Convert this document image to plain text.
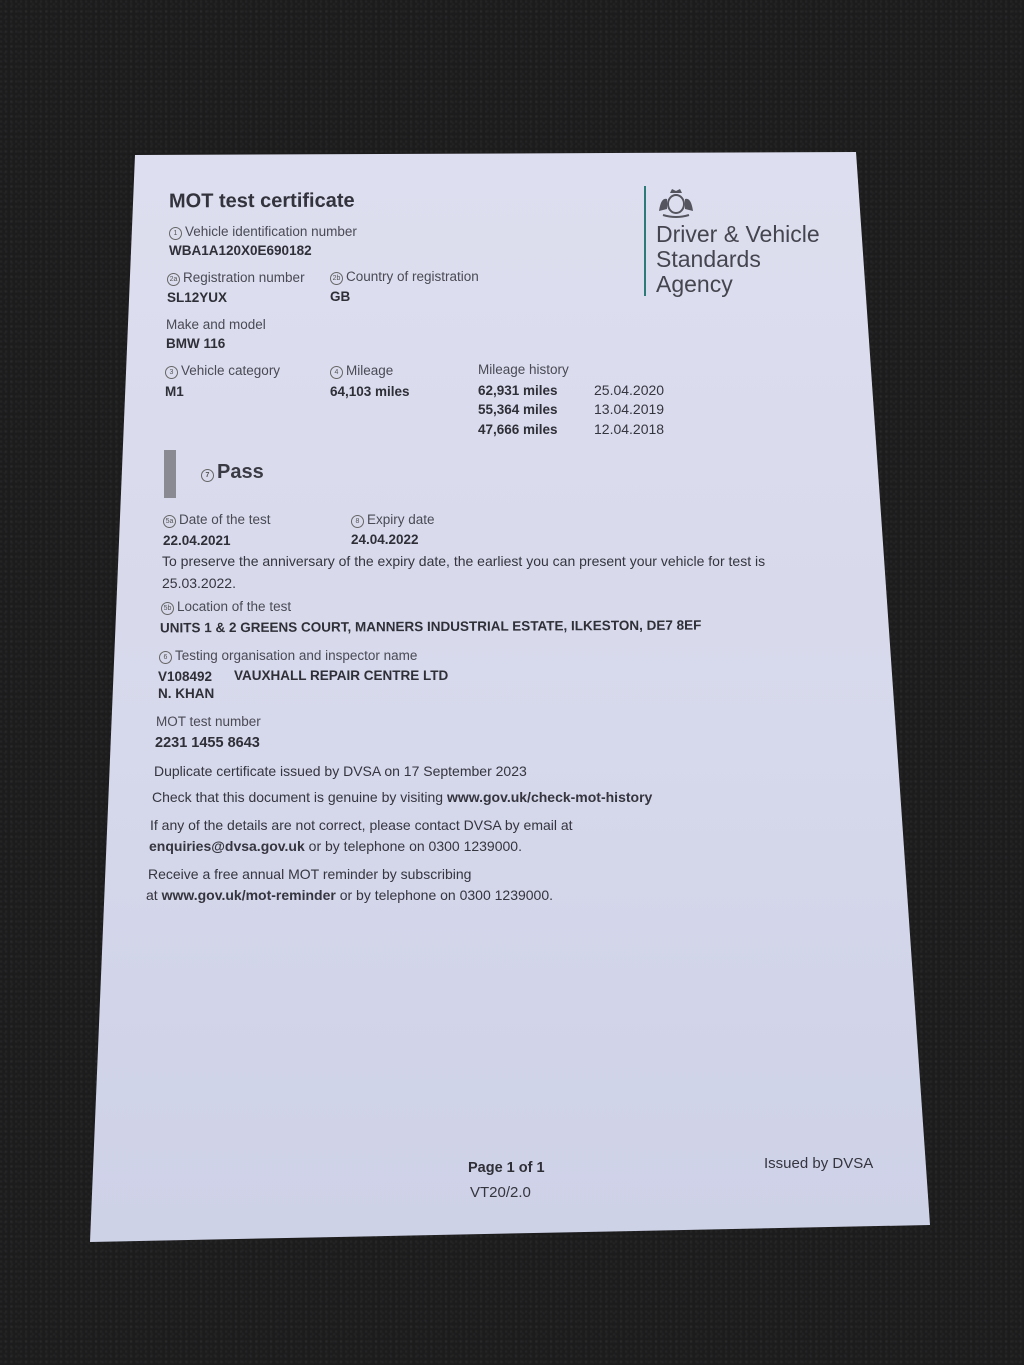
MOT test certificate
Driver & Vehicle
Standards
Agency
1 Vehicle identification number
WBA1A120X0E690182
2a Registration number
SL12YUX
2b Country of registration
GB
Make and model
BMW 116
3 Vehicle category
M1
4 Mileage
64,103 miles
Mileage history
62,931 miles	25.04.2020
55,364 miles	13.04.2019
47,666 miles	12.04.2018
7 Pass
5a Date of the test
22.04.2021
8 Expiry date
24.04.2022
To preserve the anniversary of the expiry date, the earliest you can present your vehicle for test is
25.03.2022.
5b Location of the test
UNITS 1 & 2 GREENS COURT, MANNERS INDUSTRIAL ESTATE, ILKESTON, DE7 8EF
6 Testing organisation and inspector name
V108492 VAUXHALL REPAIR CENTRE LTD
N. KHAN
MOT test number
2231 1455 8643
Duplicate certificate issued by DVSA on 17 September 2023
Check that this document is genuine by visiting www.gov.uk/check-mot-history
If any of the details are not correct, please contact DVSA by email at
enquiries@dvsa.gov.uk or by telephone on 0300 1239000.
Receive a free annual MOT reminder by subscribing
at www.gov.uk/mot-reminder or by telephone on 0300 1239000.
Page 1 of 1
VT20/2.0
Issued by DVSA
